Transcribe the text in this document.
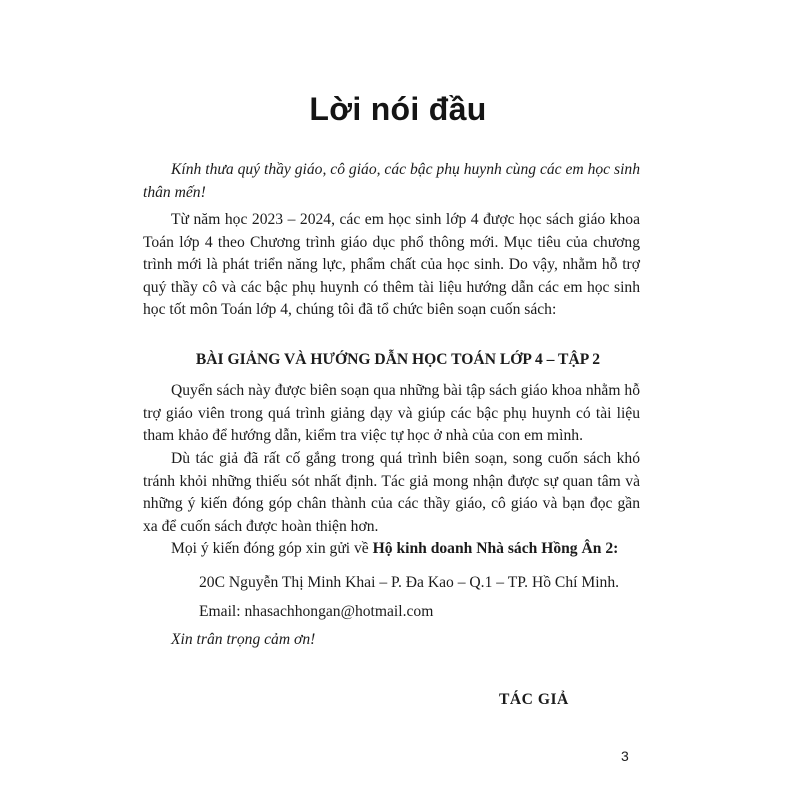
Lời nói đầu
Kính thưa quý thầy giáo, cô giáo, các bậc phụ huynh cùng các em học sinh thân mến!
Từ năm học 2023 – 2024, các em học sinh lớp 4 được học sách giáo khoa Toán lớp 4 theo Chương trình giáo dục phổ thông mới. Mục tiêu của chương trình mới là phát triển năng lực, phẩm chất của học sinh. Do vậy, nhằm hỗ trợ quý thầy cô và các bậc phụ huynh có thêm tài liệu hướng dẫn các em học sinh học tốt môn Toán lớp 4, chúng tôi đã tổ chức biên soạn cuốn sách:
BÀI GIẢNG VÀ HƯỚNG DẪN HỌC TOÁN LỚP 4 – TẬP 2
Quyển sách này được biên soạn qua những bài tập sách giáo khoa nhằm hỗ trợ giáo viên trong quá trình giảng dạy và giúp các bậc phụ huynh có tài liệu tham khảo để hướng dẫn, kiểm tra việc tự học ở nhà của con em mình.
Dù tác giả đã rất cố gắng trong quá trình biên soạn, song cuốn sách khó tránh khỏi những thiếu sót nhất định. Tác giả mong nhận được sự quan tâm và những ý kiến đóng góp chân thành của các thầy giáo, cô giáo và bạn đọc gần xa để cuốn sách được hoàn thiện hơn.
Mọi ý kiến đóng góp xin gửi về Hộ kinh doanh Nhà sách Hồng Ân 2:
20C Nguyễn Thị Minh Khai – P. Đa Kao – Q.1 – TP. Hồ Chí Minh.
Email: nhasachhongan@hotmail.com
Xin trân trọng cảm ơn!
TÁC GIẢ
3
